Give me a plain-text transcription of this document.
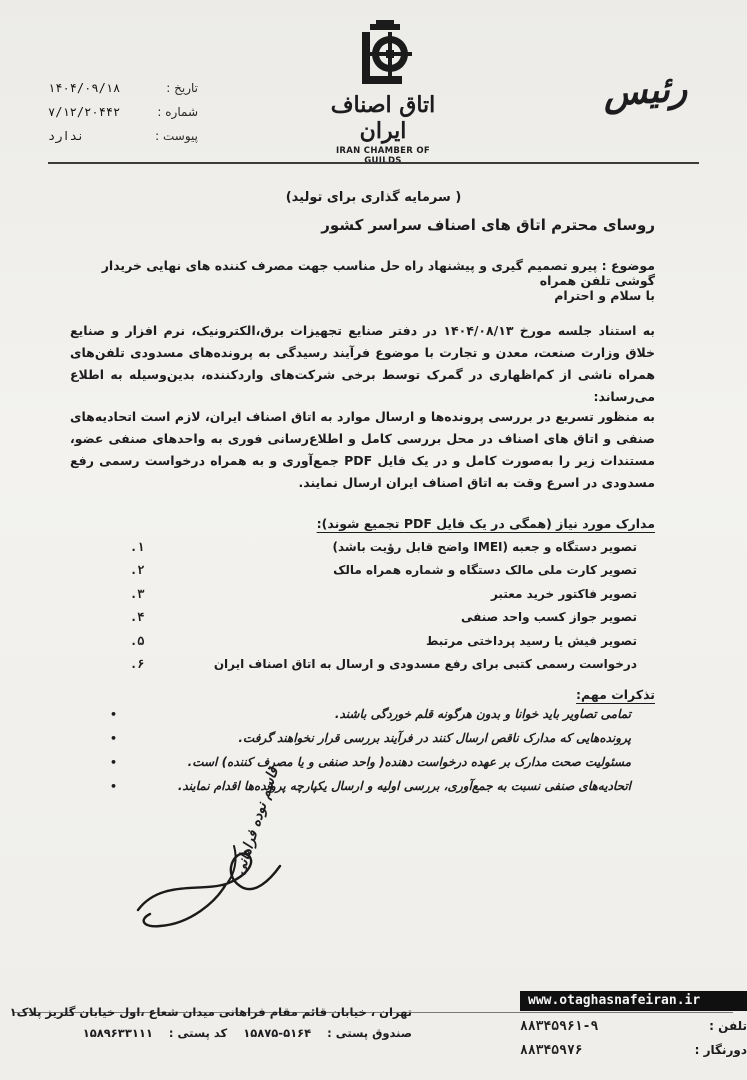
اتاق اصناف ایران
IRAN CHAMBER OF GUILDS
رئیس
تاریخ :
۱۴۰۴/۰۹/۱۸
شماره :
۷/۱۲/۲۰۴۴۲
پیوست :
ندارد
( سرمایه گذاری برای تولید)
روسای محترم اتاق های اصناف سراسر کشور
موضوع : پیرو تصمیم گیری و پیشنهاد راه حل مناسب جهت مصرف کننده های نهایی خریدار گوشی تلفن همراه
با سلام و احترام
به استناد جلسه مورخ ۱۴۰۴/۰۸/۱۳ در دفتر صنایع تجهیزات برق،الکترونیک، نرم افزار و صنایع خلاق وزارت صنعت، معدن و تجارت با موضوع فرآیند رسیدگی به پرونده‌های مسدودی تلفن‌های همراه ناشی از کم‌اظهاری در گمرک توسط برخی شرکت‌های واردکننده، بدین‌وسیله به اطلاع می‌رساند:
به منظور تسریع در بررسی پرونده‌ها و ارسال موارد به اتاق اصناف ایران، لازم است اتحادیه‌های صنفی و اتاق های اصناف در محل بررسی کامل و اطلاع‌رسانی فوری به واحدهای صنفی عضو، مستندات زیر را به‌صورت کامل و در یک فایل PDF جمع‌آوری و به همراه درخواست رسمی رفع مسدودی در اسرع وقت به اتاق اصناف ایران ارسال نمایند.
مدارک مورد نیاز (همگی در یک فایل PDF تجمیع شوند):
تصویر دستگاه و جعبه (IMEI واضح قابل رؤیت باشد)
۱.
تصویر کارت ملی مالک دستگاه و شماره همراه مالک
۲.
تصویر فاکتور خرید معتبر
۳.
تصویر جواز کسب واحد صنفی
۴.
تصویر فیش یا رسید پرداختی مرتبط
۵.
درخواست رسمی کتبی برای رفع مسدودی و ارسال به اتاق اصناف ایران
۶.
تذکرات مهم:
تمامی تصاویر باید خوانا و بدون هرگونه قلم خوردگی باشند.
•
پرونده‌هایی که مدارک ناقص ارسال کنند در فرآیند بررسی قرار نخواهند گرفت.
•
مسئولیت صحت مدارک بر عهده درخواست دهنده( واحد صنفی و یا مصرف کننده) است.
•
اتحادیه‌های صنفی نسبت به جمع‌آوری، بررسی اولیه و ارسال یکپارچه پرونده‌ها اقدام نمایند.
•	قاسم نوده فراهانی
www.otaghasnafeiran.ir
تهران ، خیابان قائم مقام فراهانی میدان شعاع ،اول خیابان گلریز پلاک۱
صندوق پستی :
۱۵۸۷۵-۵۱۶۴
کد پستی :
۱۵۸۹۶۳۳۱۱۱	تلفن :
۸۸۳۴۵۹۶۱-۹
دورنگار :
۸۸۳۴۵۹۷۶
